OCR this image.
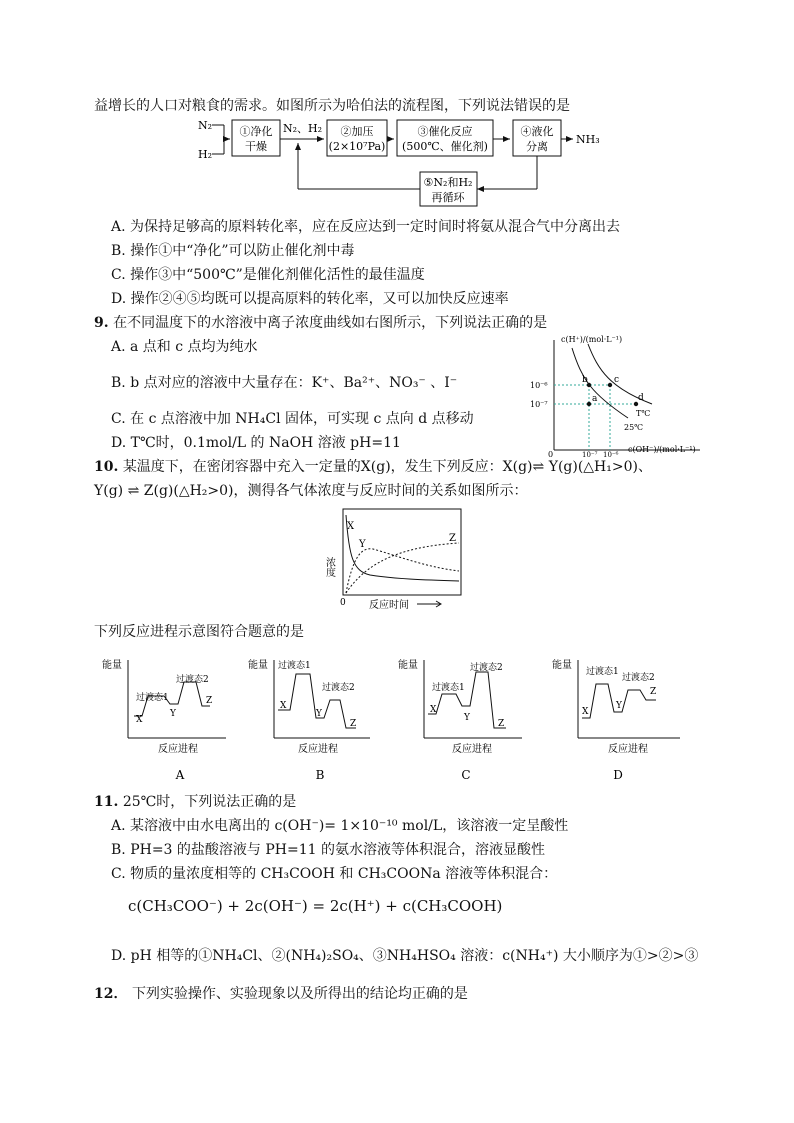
益增长的人口对粮食的需求。如图所示为哈伯法的流程图，下列说法错误的是
N₂
H₂
①净化
干燥
N₂、H₂ ②加压
(2×10⁷Pa)
③催化反应
(500℃、催化剂)
④液化
分离
NH₃
⑤N₂和H₂
再循环
A. 为保持足够高的原料转化率，应在反应达到一定时间时将氨从混合气中分离出去
B. 操作①中“净化”可以防止催化剂中毒
C. 操作③中“500℃”是催化剂催化活性的最佳温度
D. 操作②④⑤均既可以提高原料的转化率，又可以加快反应速率
9. 在不同温度下的水溶液中离子浓度曲线如右图所示，下列说法正确的是
A. a 点和 c 点均为纯水
B. b 点对应的溶液中大量存在：K⁺、Ba²⁺、NO₃⁻ 、I⁻
C. 在 c 点溶液中加 NH₄Cl 固体，可实现 c 点向 d 点移动
D. T℃时，0.1mol/L 的 NaOH 溶液 pH=11
c(H⁺)/(mol·L⁻¹)
c(OH⁻)/(mol·L⁻¹)
10⁻⁶
10⁻⁷
10⁻⁷ 10⁻⁶
0
a
b	c
d
T℃
25℃
10. 某温度下，在密闭容器中充入一定量的X(g)，发生下列反应：X(g)⇌ Y(g)(△H₁>0)、
Y(g) ⇌ Z(g)(△H₂>0)，测得各气体浓度与反应时间的关系如图所示：
浓度
0 反应时间
X
Y
Z
下列反应进程示意图符合题意的是
能量
过渡态1
过渡态2
X
Y
Z
反应进程
A
能量 过渡态1
过渡态2
X
Y
Z
反应进程
B
能量
过渡态1
过渡态2
X
Y
Z
反应进程
C
能量
过渡态1
过渡态2
X
Y
Z
反应进程
D
11. 25℃时，下列说法正确的是
A. 某溶液中由水电离出的 c(OH⁻)= 1×10⁻¹⁰ mol/L，该溶液一定呈酸性
B. PH=3 的盐酸溶液与 PH=11 的氨水溶液等体积混合，溶液显酸性
C. 物质的量浓度相等的 CH₃COOH 和 CH₃COONa 溶液等体积混合：
c(CH₃COO⁻) + 2c(OH⁻) = 2c(H⁺) + c(CH₃COOH)
D. pH 相等的①NH₄Cl、②(NH₄)₂SO₄、③NH₄HSO₄ 溶液：c(NH₄⁺) 大小顺序为①>②>③
12． 下列实验操作、实验现象以及所得出的结论均正确的是
